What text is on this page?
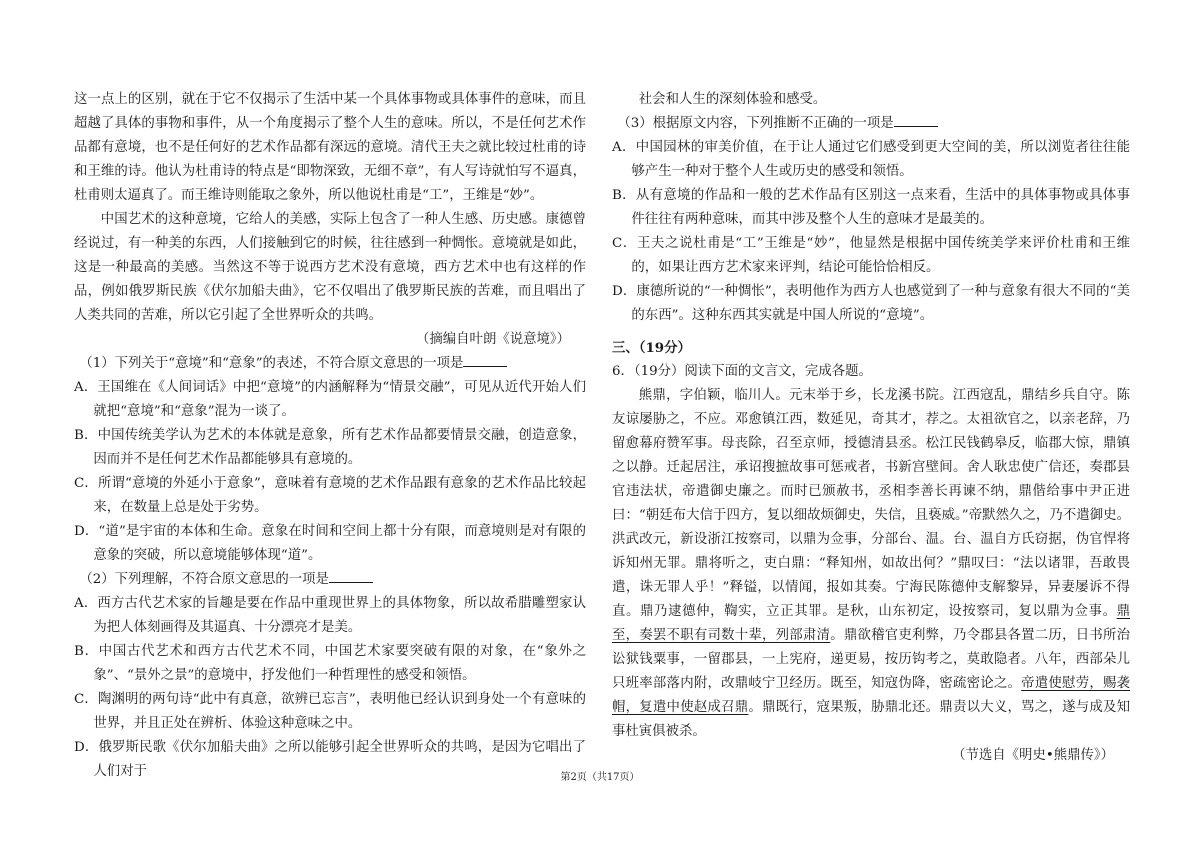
这一点上的区别，就在于它不仅揭示了生活中某一个具体事物或具体事件的意味，而且超越了具体的事物和事件，从一个角度揭示了整个人生的意味。所以，不是任何艺术作品都有意境，也不是任何好的艺术作品都有深远的意境。清代王夫之就比较过杜甫的诗和王维的诗。他认为杜甫诗的特点是“即物深致，无细不章”，有人写诗就怕写不逼真，杜甫则太逼真了。而王维诗则能取之象外，所以他说杜甫是“工”，王维是“妙”。

中国艺术的这种意境，它给人的美感，实际上包含了一种人生感、历史感。康德曾经说过，有一种美的东西，人们接触到它的时候，往往感到一种惆怅。意境就是如此，这是一种最高的美感。当然这不等于说西方艺术没有意境，西方艺术中也有这样的作品，例如俄罗斯民族《伏尔加船夫曲》，它不仅唱出了俄罗斯民族的苦难，而且唱出了人类共同的苦难，所以它引起了全世界听众的共鸣。

（摘编自叶朗《说意境》）

（1）下列关于“意境”和“意象”的表述，不符合原文意思的一项是

A．王国维在《人间词话》中把“意境”的内涵解释为“情景交融”，可见从近代开始人们就把“意境”和“意象”混为一谈了。

B．中国传统美学认为艺术的本体就是意象，所有艺术作品都要情景交融，创造意象，因而并不是任何艺术作品都能够具有意境的。

C．所谓“意境的外延小于意象”，意味着有意境的艺术作品跟有意象的艺术作品比较起来，在数量上总是处于劣势。

D．“道”是宇宙的本体和生命。意象在时间和空间上都十分有限，而意境则是对有限的意象的突破，所以意境能够体现“道”。

（2）下列理解，不符合原文意思的一项是

A．西方古代艺术家的旨趣是要在作品中重现世界上的具体物象，所以故希腊雕塑家认为把人体刻画得及其逼真、十分漂亮才是美。

B．中国古代艺术和西方古代艺术不同，中国艺术家要突破有限的对象，在“象外之象”、“景外之景”的意境中，抒发他们一种哲理性的感受和领悟。

C．陶渊明的两句诗“此中有真意，欲辨已忘言”，表明他已经认识到身处一个有意味的世界，并且正处在辨析、体验这种意味之中。

D．俄罗斯民歌《伏尔加船夫曲》之所以能够引起全世界听众的共鸣，是因为它唱出了人们对于

社会和人生的深刻体验和感受。

（3）根据原文内容，下列推断不正确的一项是

A．中国园林的审美价值，在于让人通过它们感受到更大空间的美，所以浏览者往往能够产生一种对于整个人生或历史的感受和领悟。

B．从有意境的作品和一般的艺术作品有区别这一点来看，生活中的具体事物或具体事件往往有两种意味，而其中涉及整个人生的意味才是最美的。

C．王夫之说杜甫是“工”王维是“妙”，他显然是根据中国传统美学来评价杜甫和王维的，如果让西方艺术家来评判，结论可能恰恰相反。

D．康德所说的“一种惆怅”，表明他作为西方人也感觉到了一种与意象有很大不同的“美的东西”。这种东西其实就是中国人所说的“意境”。

三、（19分）

6．（19分）阅读下面的文言文，完成各题。

熊鼎，字伯颖，临川人。元末举于乡，长龙溪书院。江西寇乱，鼎结乡兵自守。陈友谅屡胁之，不应。邓愈镇江西，数延见，奇其才，荐之。太祖欲官之，以亲老辞，乃留愈幕府赞军事。母丧除，召至京师，授德清县丞。松江民钱鹤皋反，临郡大惊，鼎镇之以静。迁起居注，承诏搜摭故事可惩戒者，书新宫壁间。舍人耿忠使广信还，奏郡县官违法状，帝遣御史廉之。而时已颁赦书，丞相李善长再谏不纳，鼎偕给事中尹正进曰：“朝廷布大信于四方，复以细故烦御史，失信，且亵威。”帝默然久之，乃不遣御史。洪武改元，新设浙江按察司，以鼎为佥事，分部台、温。台、温自方氏窃据，伪官悍将诉知州无罪。鼎将听之，吏白鼎：“释知州，如故出何？”鼎叹曰：“法以诸罪，吾敢畏遣，诛无罪人乎！”释镒，以情闻，报如其奏。宁海民陈德仲支解黎异，异妻屡诉不得直。鼎乃逮德仲，鞫实，立正其罪。是秋，山东初定，设按察司，复以鼎为佥事。鼎至，奏罢不职有司数十辈，列部肃清。鼎欲稽官吏利弊，乃令郡县各置二历，日书所治讼狱钱粟事，一留郡县，一上宪府，递更易，按历钩考之，莫敢隐者。八年，西部朵儿只班率部落内附，改鼎岐宁卫经历。既至，知寇伪降，密疏密论之。帝遣使慰劳，赐袭帽，复遣中使赵成召鼎。鼎既行，寇果叛，胁鼎北还。鼎责以大义，骂之，遂与成及知事杜寅俱被杀。

（节选自《明史•熊鼎传》）

第2页（共17页）
